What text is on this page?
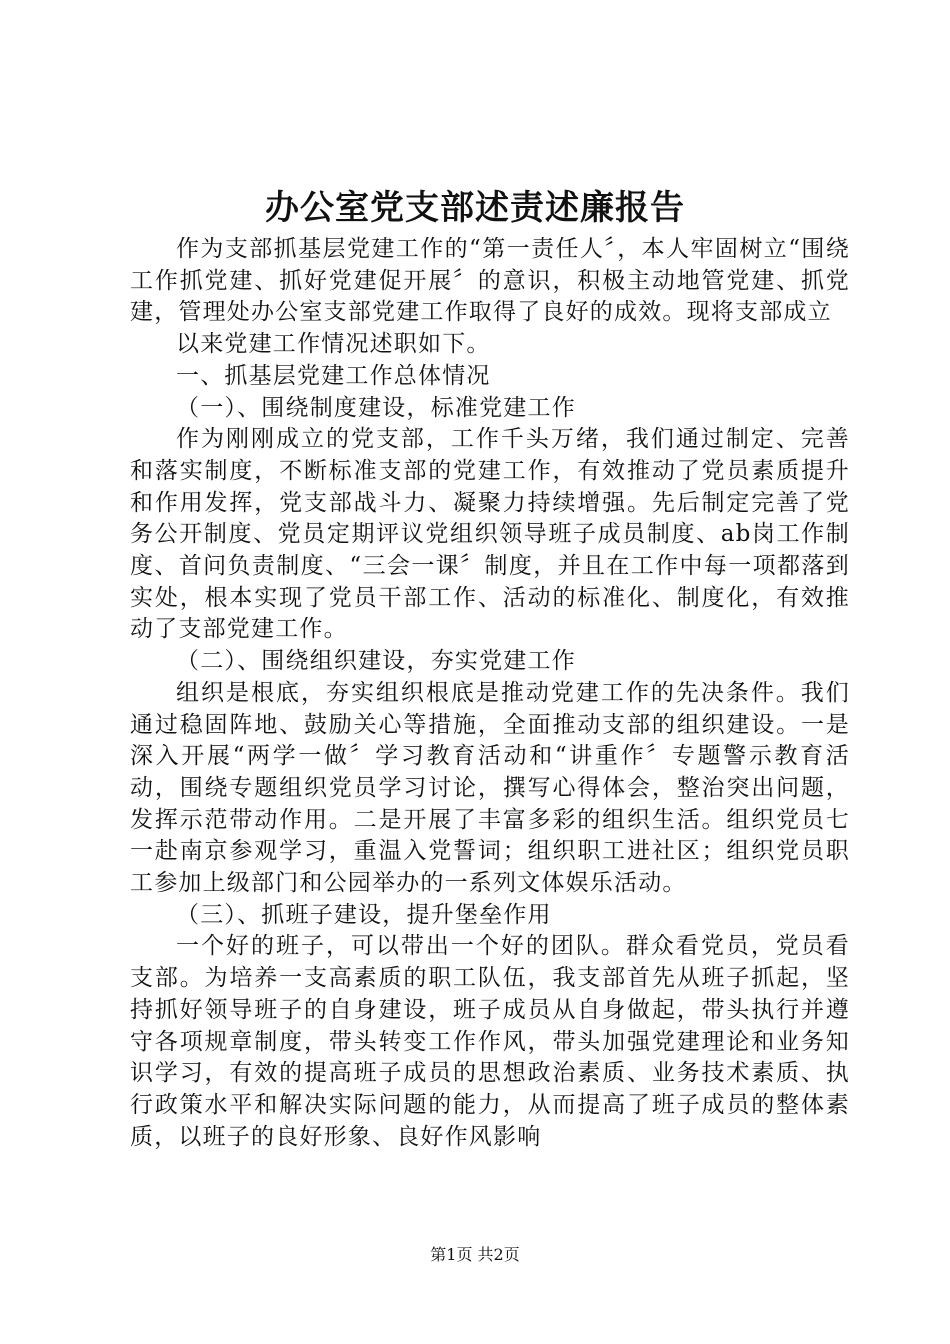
办公室党支部述责述廉报告

作为支部抓基层党建工作的“第一责任人〞，本人牢固树立“围绕工作抓党建、抓好党建促开展〞的意识，积极主动地管党建、抓党建，管理处办公室支部党建工作取得了良好的成效。现将支部成立

以来党建工作情况述职如下。

一、抓基层党建工作总体情况

（一）、围绕制度建设，标准党建工作

作为刚刚成立的党支部，工作千头万绪，我们通过制定、完善和落实制度，不断标准支部的党建工作，有效推动了党员素质提升和作用发挥，党支部战斗力、凝聚力持续增强。先后制定完善了党务公开制度、党员定期评议党组织领导班子成员制度、ab岗工作制度、首问负责制度、“三会一课〞制度，并且在工作中每一项都落到实处，根本实现了党员干部工作、活动的标准化、制度化，有效推动了支部党建工作。

（二）、围绕组织建设，夯实党建工作

组织是根底，夯实组织根底是推动党建工作的先决条件。我们通过稳固阵地、鼓励关心等措施，全面推动支部的组织建设。一是深入开展“两学一做〞学习教育活动和“讲重作〞专题警示教育活动，围绕专题组织党员学习讨论，撰写心得体会，整治突出问题，发挥示范带动作用。二是开展了丰富多彩的组织生活。组织党员七一赴南京参观学习，重温入党誓词；组织职工进社区；组织党员职工参加上级部门和公园举办的一系列文体娱乐活动。

（三）、抓班子建设，提升堡垒作用

一个好的班子，可以带出一个好的团队。群众看党员，党员看支部。为培养一支高素质的职工队伍，我支部首先从班子抓起，坚持抓好领导班子的自身建设，班子成员从自身做起，带头执行并遵守各项规章制度，带头转变工作作风，带头加强党建理论和业务知识学习，有效的提高班子成员的思想政治素质、业务技术素质、执行政策水平和解决实际问题的能力，从而提高了班子成员的整体素质，以班子的良好形象、良好作风影响

第1页 共2页
